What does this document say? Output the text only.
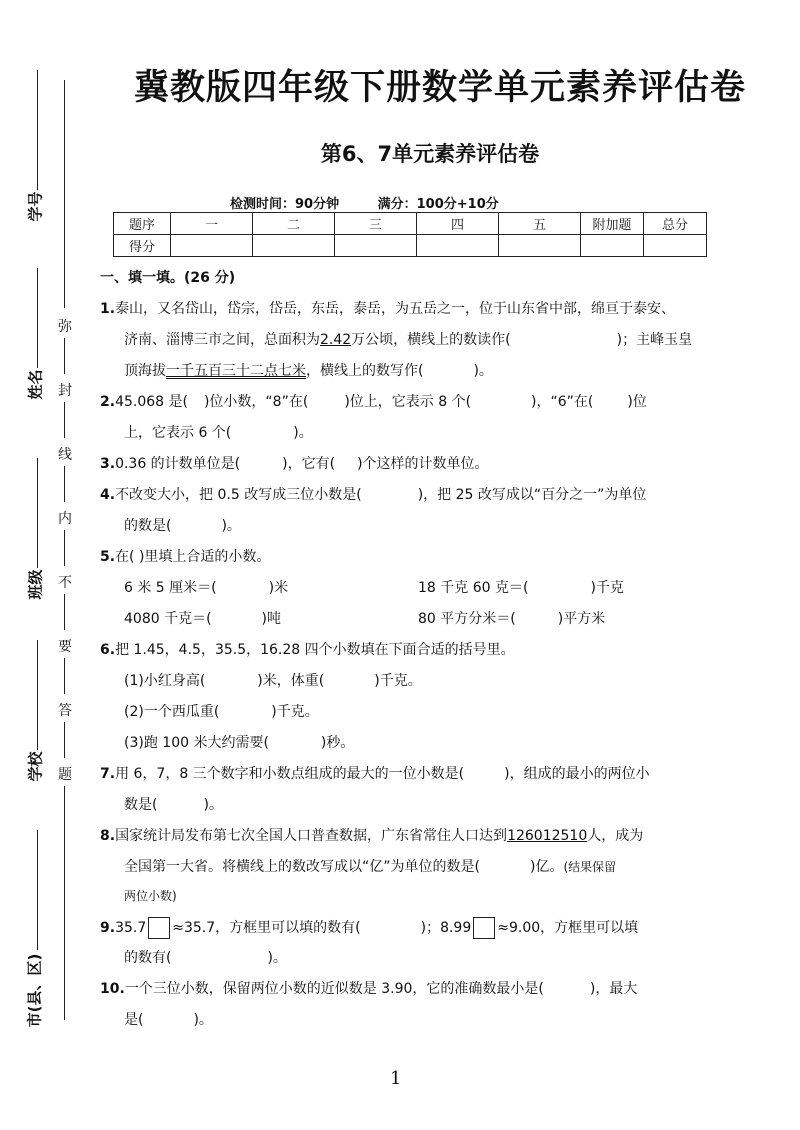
学号
姓名
班级
学校
市(县、区)
弥
封
线
内
不
要
答
题
冀教版四年级下册数学单元素养评估卷
第6、7单元素养评估卷
检测时间：90分钟	满分：100分+10分
题序	一	二	三	四	五	附加题	总分
得分							
一、填一填。(26 分)
1.泰山，又名岱山，岱宗，岱岳，东岳，泰岳，为五岳之一，位于山东省中部，绵亘于泰安、
济南、淄博三市之间，总面积为2.42万公顷，横线上的数读作(	)；主峰玉皇
顶海拔一千五百三十二点七米，横线上的数写作(	)。
2.45.068 是( )位小数，“8”在(	)位上，它表示 8 个(	)，“6”在( )位
上，它表示 6 个(	)。
3.0.36 的计数单位是(	)，它有( )个这样的计数单位。
4.不改变大小，把 0.5 改写成三位小数是(	)，把 25 改写成以“百分之一”为单位
的数是(	)。
5.在( )里填上合适的小数。
6 米 5 厘米＝(	)米	18 千克 60 克＝(	)千克
4080 千克＝(	)吨	80 平方分米＝(	)平方米
6.把 1.45，4.5，35.5，16.28 四个小数填在下面合适的括号里。
(1)小红身高(	)米，体重(	)千克。
(2)一个西瓜重(	)千克。
(3)跑 100 米大约需要(	)秒。
7.用 6，7，8 三个数字和小数点组成的最大的一位小数是(	)，组成的最小的两位小
数是(	)。
8.国家统计局发布第七次全国人口普查数据，广东省常住人口达到126012510人，成为
全国第一大省。将横线上的数改写成以“亿”为单位的数是(	)亿。(结果保留
两位小数)
9.35.7 ≈35.7，方框里可以填的数有(	)；8.99 ≈9.00，方框里可以填
的数有(	)。
10.一个三位小数，保留两位小数的近似数是 3.90，它的准确数最小是(	)，最大
是(	)。
1
